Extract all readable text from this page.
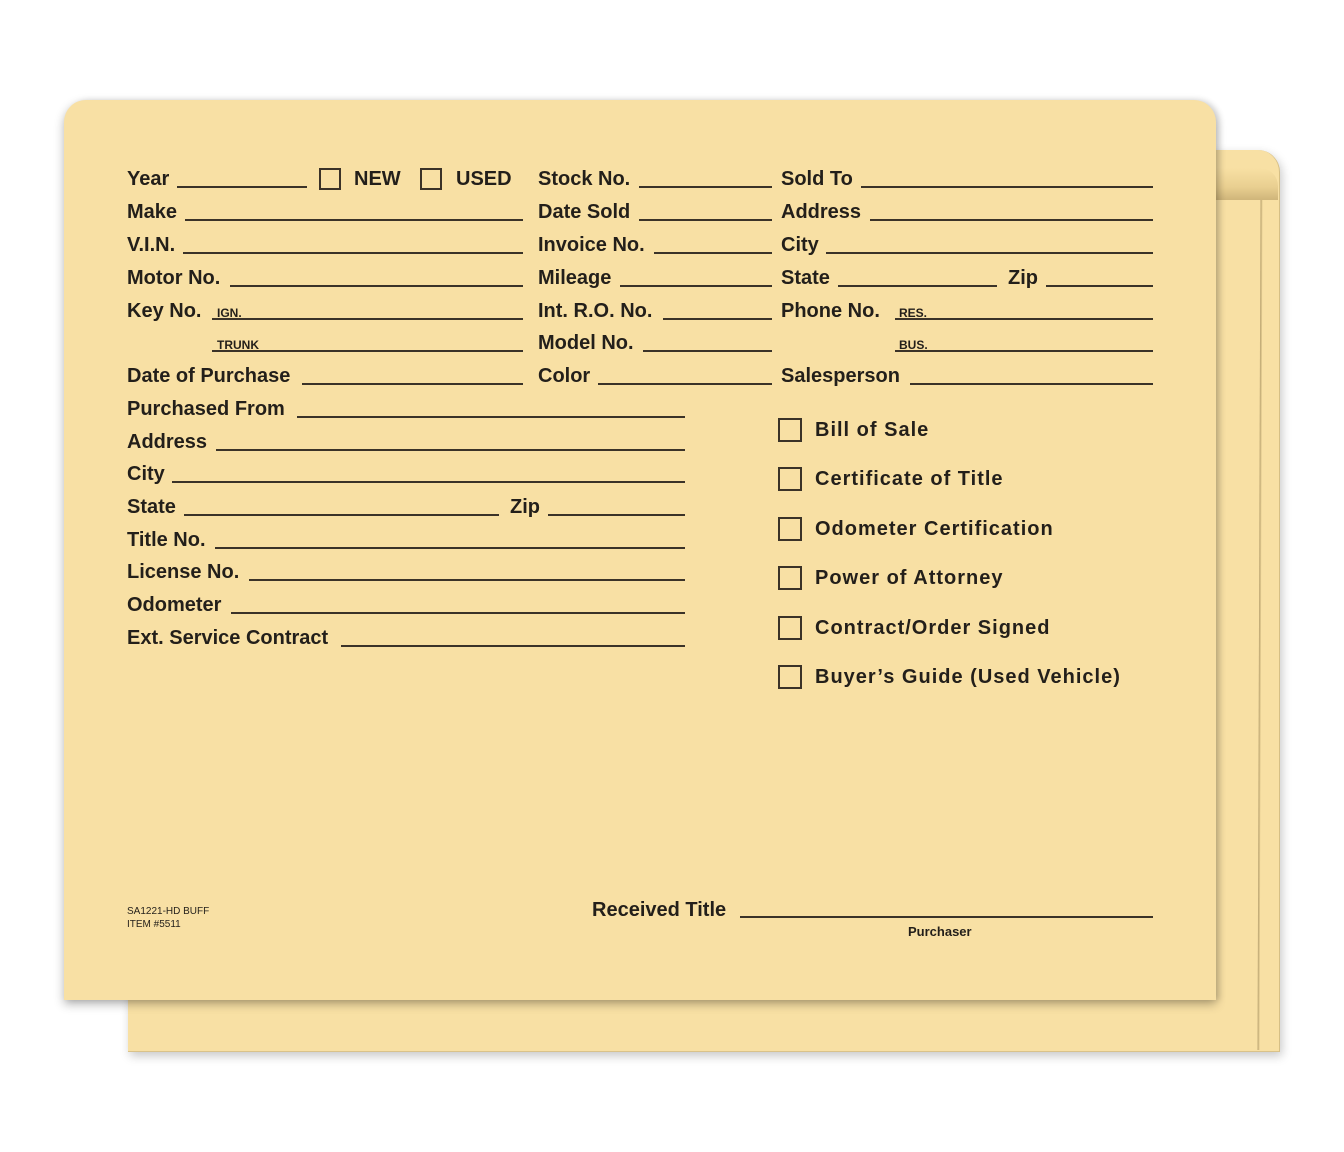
Year	NEW	USED Stock No.	Sold To
Make	Date Sold	Address
V.I.N.	Invoice No.	City
Motor No.	Mileage	State	Zip
Key No. IGN.	Int. R.O. No.	Phone No. RES.
TRUNK	Model No.	BUS.
Date of Purchase	Color	Salesperson
Purchased From
Address
City
State	Zip
Title No.
License No.
Odometer
Ext. Service Contract
Bill of Sale
Certificate of Title
Odometer Certification
Power of Attorney
Contract/Order Signed
Buyer’s Guide (Used Vehicle)
SA1221-HD BUFF
ITEM #5511
Received Title
Purchaser
